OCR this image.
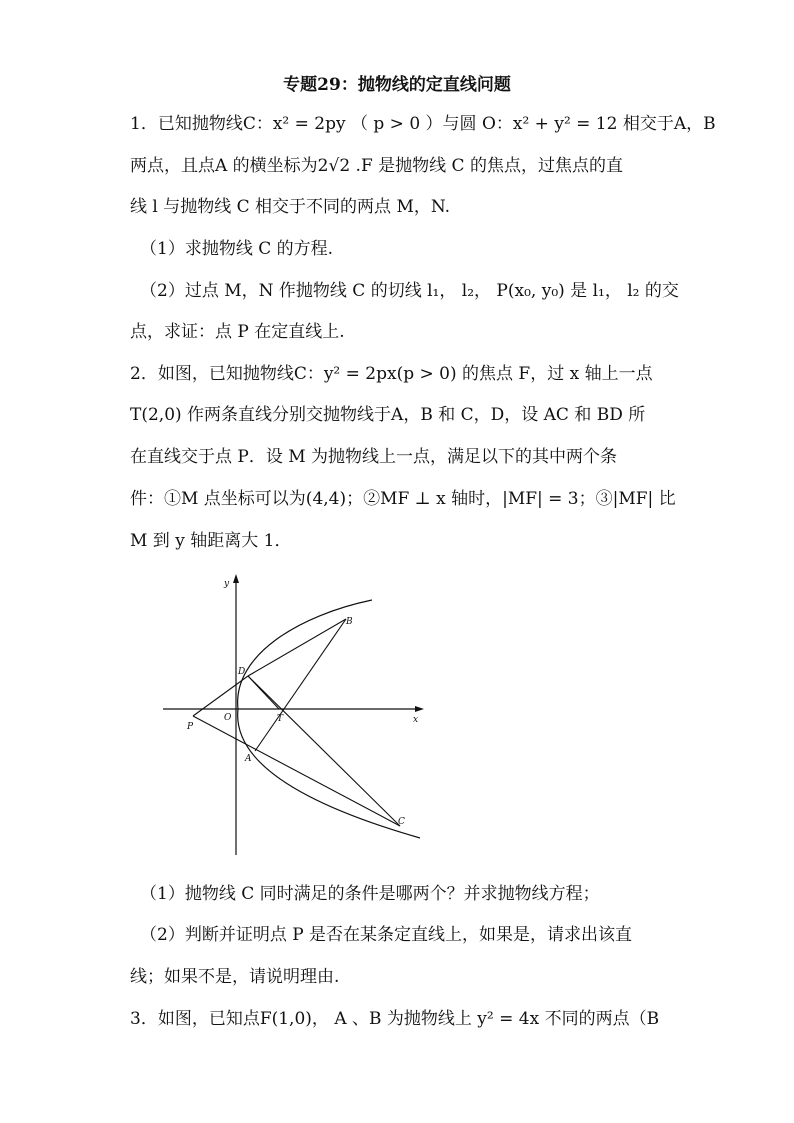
专题29：抛物线的定直线问题
1．已知抛物线C：x² = 2py （ p > 0 ）与圆 O：x² + y² = 12 相交于A，B
两点，且点A 的横坐标为2√2 .F 是抛物线 C 的焦点，过焦点的直
线 l 与抛物线 C 相交于不同的两点 M，N.
（1）求抛物线 C 的方程.
（2）过点 M，N 作抛物线 C 的切线 l₁， l₂， P(x₀, y₀) 是 l₁， l₂ 的交
点，求证：点 P 在定直线上.
2．如图，已知抛物线C：y² = 2px(p > 0) 的焦点 F，过 x 轴上一点
T(2,0) 作两条直线分别交抛物线于A，B 和 C，D，设 AC 和 BD 所
在直线交于点 P．设 M 为抛物线上一点，满足以下的其中两个条
件：①M 点坐标可以为(4,4)；②MF ⊥ x 轴时，|MF| = 3；③|MF| 比
M 到 y 轴距离大 1．
y
x
O	T
P
A
B
C
D
（1）抛物线 C 同时满足的条件是哪两个？并求抛物线方程；
（2）判断并证明点 P 是否在某条定直线上，如果是，请求出该直
线；如果不是，请说明理由.
3．如图，已知点F(1,0)， A 、B 为抛物线上 y² = 4x 不同的两点（B
